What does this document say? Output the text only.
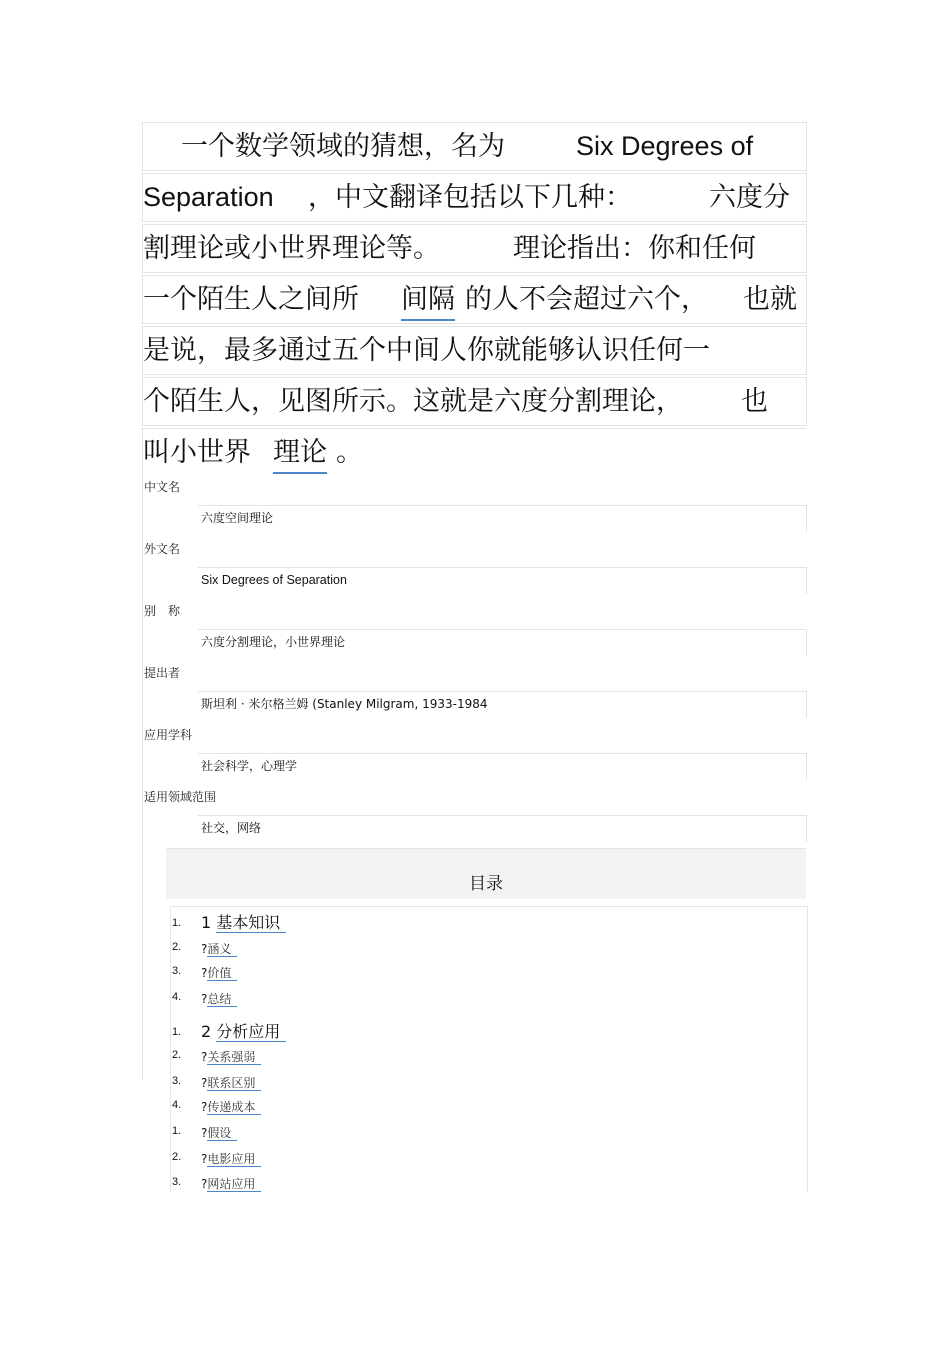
一个数学领域的猜想，名为	Six Degrees of
Separation ，中文翻译包括以下几种：	六度分
割理论或小世界理论等。	理论指出：你和任何
一个陌生人之间所 间隔 的人不会超过六个， 也就
是说，最多通过五个中间人你就能够认识任何一
个陌生人，见图所示。这就是六度分割理论， 也
叫小世界 理论 。
中文名
六度空间理论
外文名
Six Degrees of Separation
别　称
六度分割理论，小世界理论
提出者
斯坦利 · 米尔格兰姆 (Stanley Milgram, 1933-1984
应用学科
社会科学，心理学
适用领域范围
社交，网络
目录
1. 1 基本知识
2. ?涵义
3. ?价值
4. ?总结
1. 2 分析应用
2. ?关系强弱
3. ?联系区别
4. ?传递成本
1. ?假设
2. ?电影应用
3. ?网站应用
